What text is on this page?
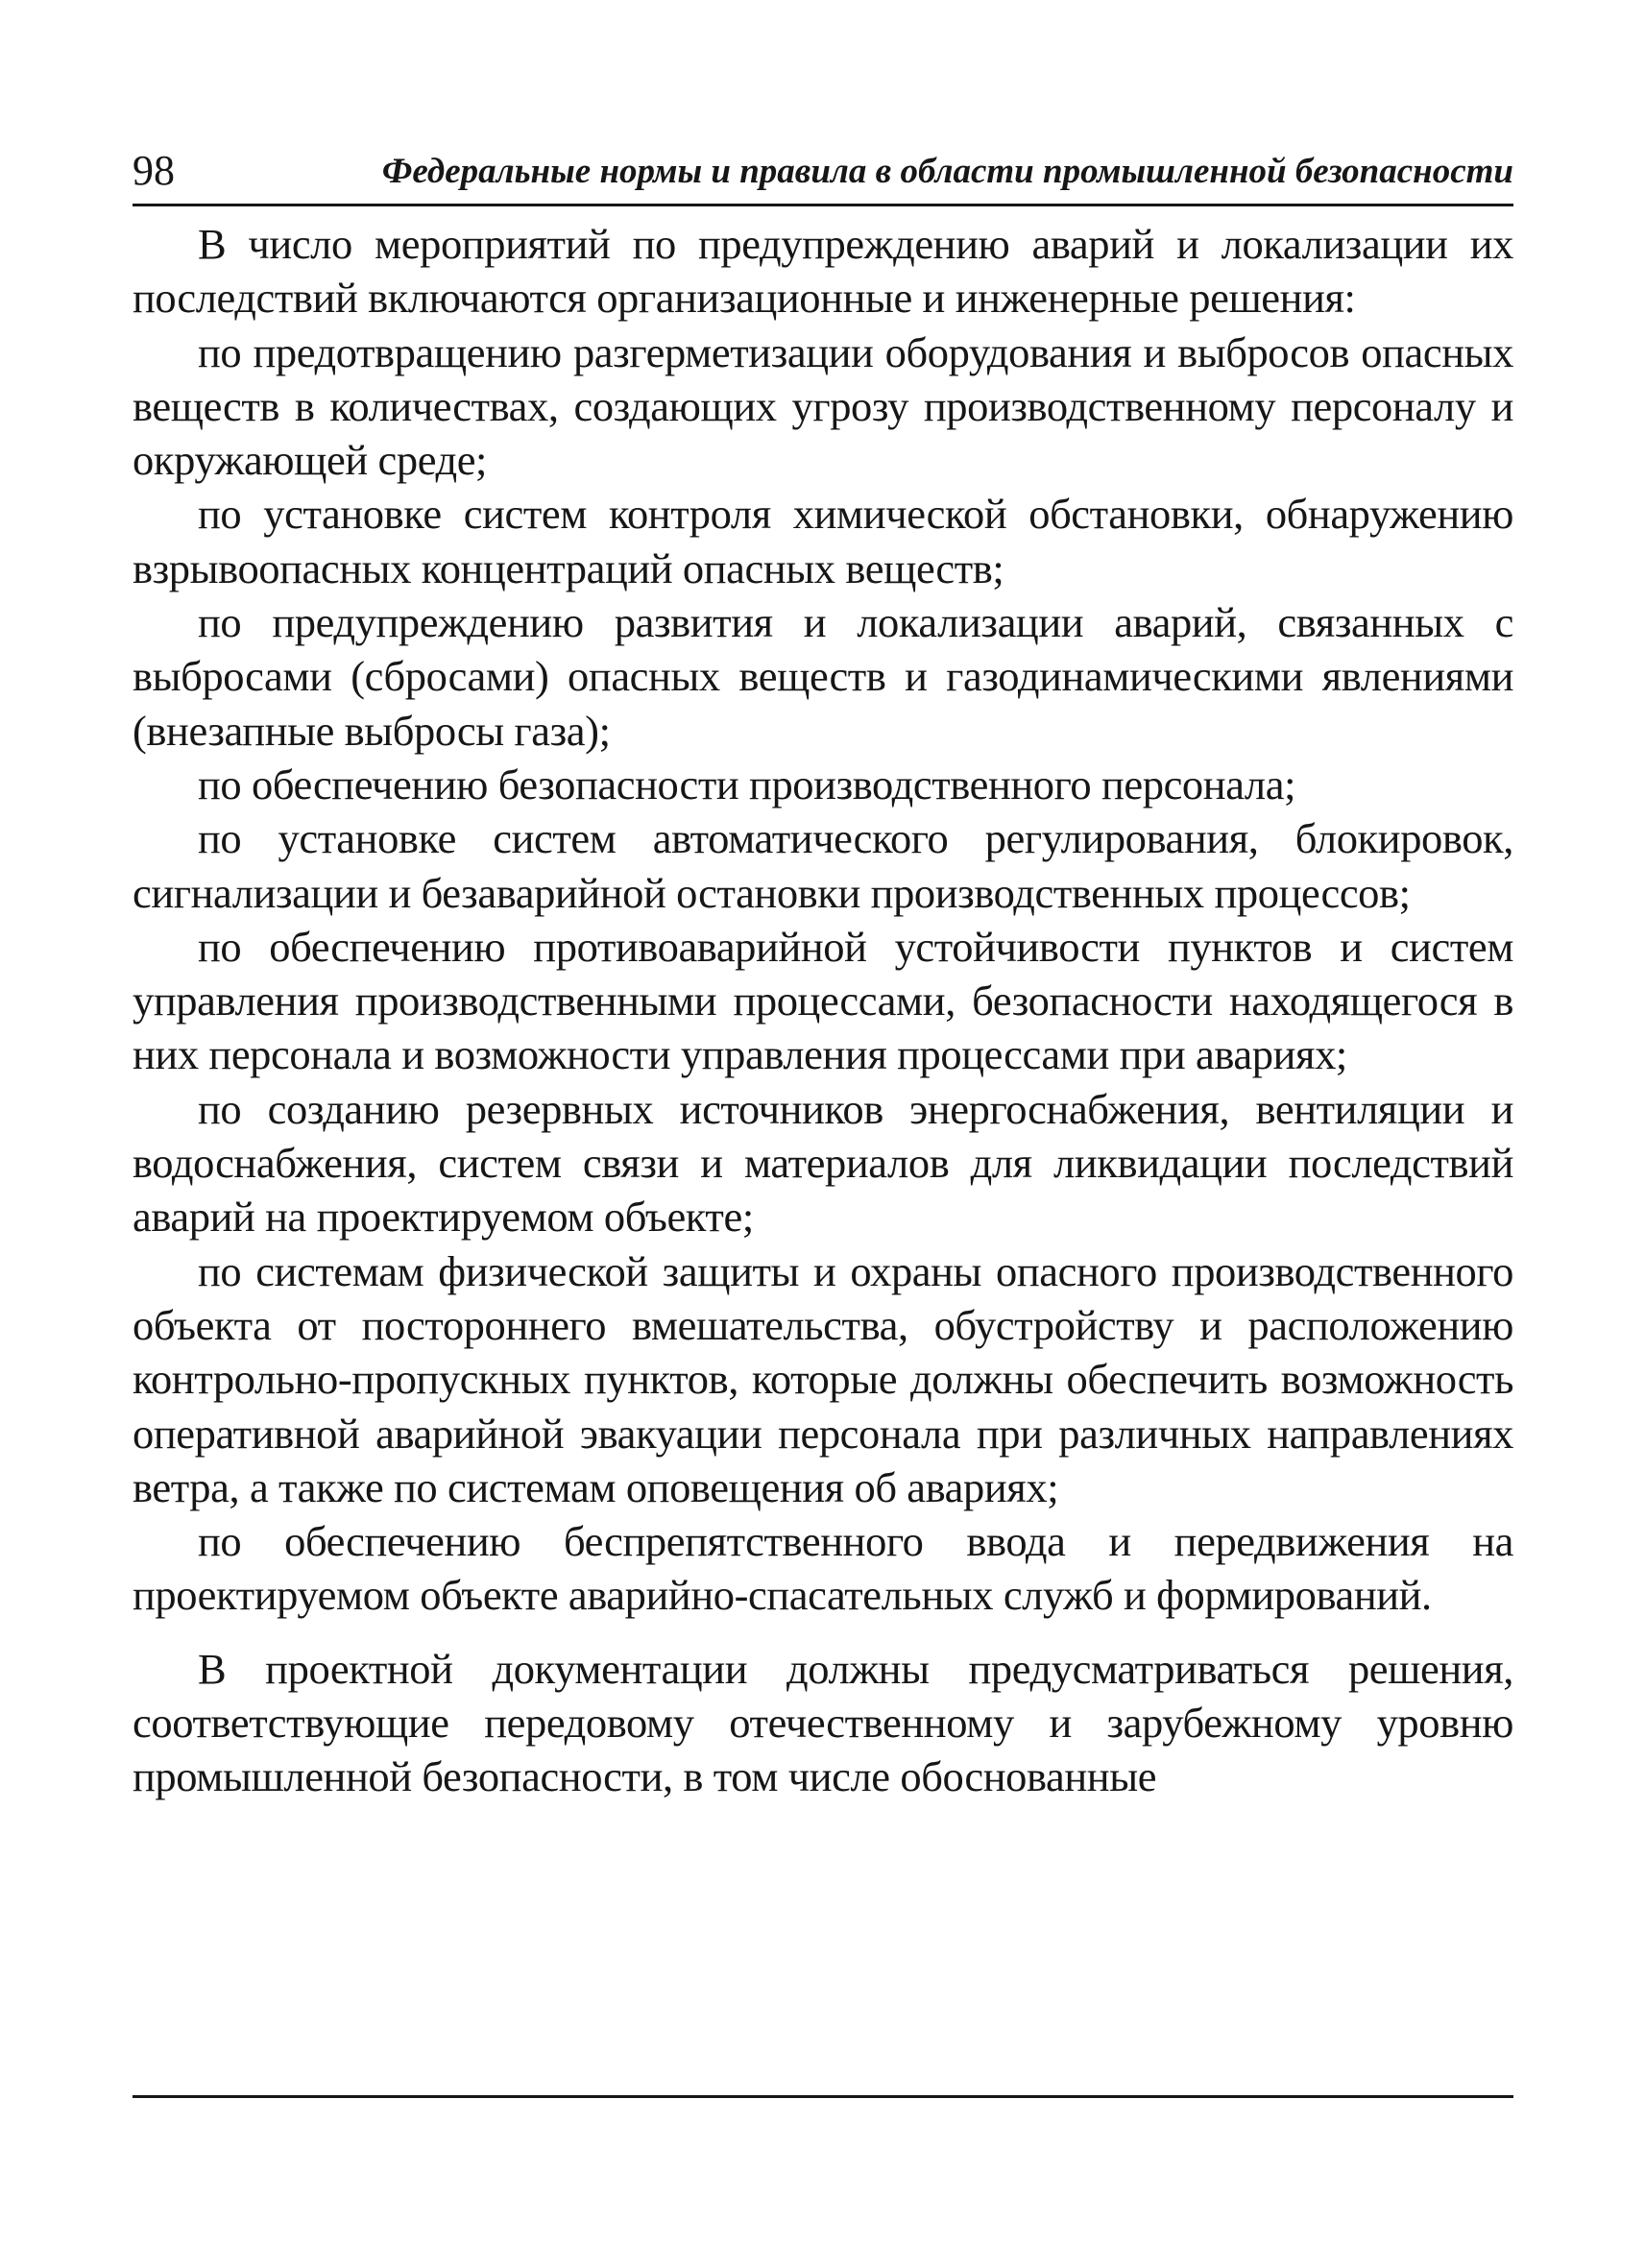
98	Федеральные нормы и правила в области промышленной безопасности

В число мероприятий по предупреждению аварий и локализации их последствий включаются организационные и инженерные решения:

по предотвращению разгерметизации оборудования и выбросов опасных веществ в количествах, создающих угрозу производственному персоналу и окружающей среде;

по установке систем контроля химической обстановки, обнаружению взрывоопасных концентраций опасных веществ;

по предупреждению развития и локализации аварий, связанных с выбросами (сбросами) опасных веществ и газодинамическими явлениями (внезапные выбросы газа);

по обеспечению безопасности производственного персонала;

по установке систем автоматического регулирования, блокировок, сигнализации и безаварийной остановки производственных процессов;

по обеспечению противоаварийной устойчивости пунктов и систем управления производственными процессами, безопасности находящегося в них персонала и возможности управления процессами при авариях;

по созданию резервных источников энергоснабжения, вентиляции и водоснабжения, систем связи и материалов для ликвидации последствий аварий на проектируемом объекте;

по системам физической защиты и охраны опасного производственного объекта от постороннего вмешательства, обустройству и расположению контрольно-пропускных пунктов, которые должны обеспечить возможность оперативной аварийной эвакуации персонала при различных направлениях ветра, а также по системам оповещения об авариях;

по обеспечению беспрепятственного ввода и передвижения на проектируемом объекте аварийно-спасательных служб и формирований.

В проектной документации должны предусматриваться решения, соответствующие передовому отечественному и зарубежному уровню промышленной безопасности, в том числе обоснованные
